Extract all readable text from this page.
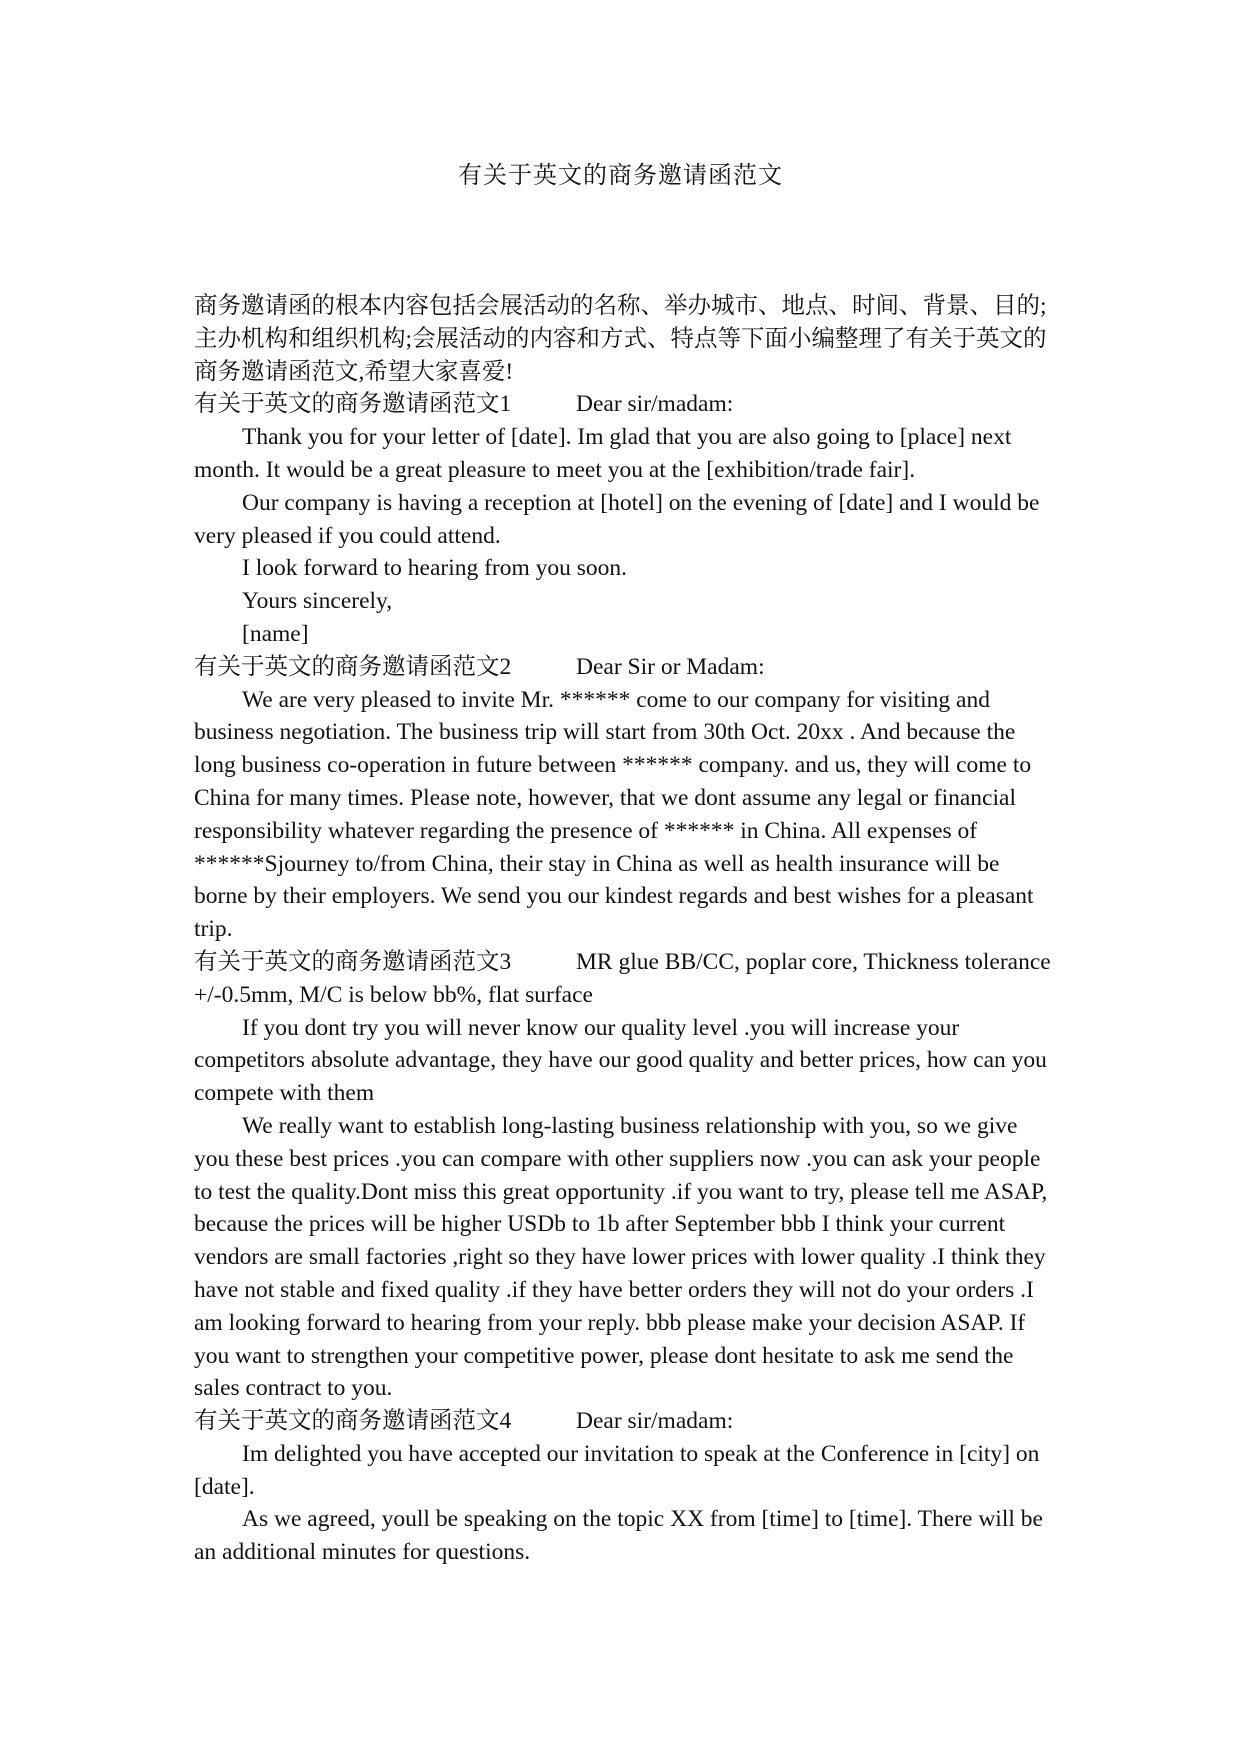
有关于英文的商务邀请函范文

商务邀请函的根本内容包括会展活动的名称、举办城市、地点、时间、背景、目的;主办机构和组织机构;会展活动的内容和方式、特点等下面小编整理了有关于英文的商务邀请函范文,希望大家喜爱!

有关于英文的商务邀请函范文1	Dear sir/madam:

Thank you for your letter of [date]. Im glad that you are also going to [place] next month. It would be a great pleasure to meet you at the [exhibition/trade fair].

Our company is having a reception at [hotel] on the evening of [date] and I would be very pleased if you could attend.

I look forward to hearing from you soon.

Yours sincerely,

[name]

有关于英文的商务邀请函范文2	Dear Sir or Madam:

We are very pleased to invite Mr. ****** come to our company for visiting and business negotiation. The business trip will start from 30th Oct. 20xx . And because the long business co-operation in future between ****** company. and us, they will come to China for many times. Please note, however, that we dont assume any legal or financial responsibility whatever regarding the presence of ****** in China. All expenses of ******Sjourney to/from China, their stay in China as well as health insurance will be borne by their employers. We send you our kindest regards and best wishes for a pleasant trip.

有关于英文的商务邀请函范文3	MR glue BB/CC, poplar core, Thickness tolerance +/-0.5mm, M/C is below bb%, flat surface

If you dont try you will never know our quality level .you will increase your competitors absolute advantage, they have our good quality and better prices, how can you compete with them

We really want to establish long-lasting business relationship with you, so we give you these best prices .you can compare with other suppliers now .you can ask your people to test the quality.Dont miss this great opportunity .if you want to try, please tell me ASAP, because the prices will be higher USDb to 1b after September bbb I think your current vendors are small factories ,right so they have lower prices with lower quality .I think they have not stable and fixed quality .if they have better orders they will not do your orders .I am looking forward to hearing from your reply. bbb please make your decision ASAP. If you want to strengthen your competitive power, please dont hesitate to ask me send the sales contract to you.

有关于英文的商务邀请函范文4	Dear sir/madam:

Im delighted you have accepted our invitation to speak at the Conference in [city] on [date].

As we agreed, youll be speaking on the topic XX from [time] to [time]. There will be an additional minutes for questions.
